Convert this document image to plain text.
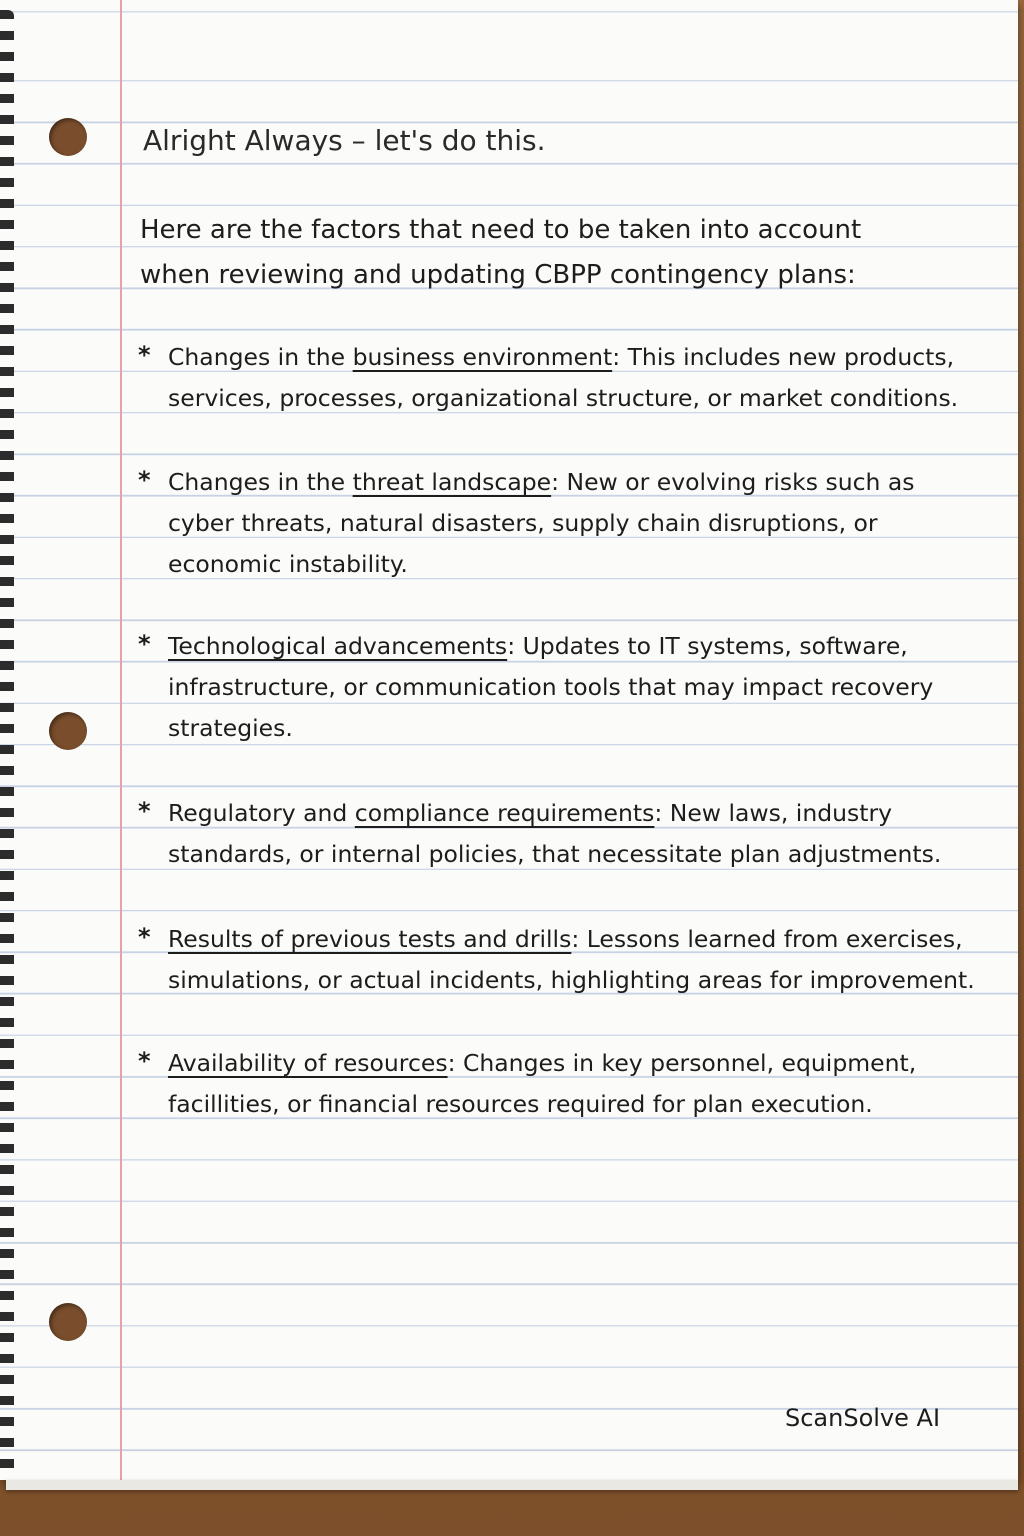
Alright Always – let's do this.
Here are the factors that need to be taken into account
when reviewing and updating CBPP contingency plans:
* Changes in the business environment: This includes new products,
services, processes, organizational structure, or market conditions.
* Changes in the threat landscape: New or evolving risks such as
cyber threats, natural disasters, supply chain disruptions, or
economic instability.
* Technological advancements: Updates to IT systems, software,
infrastructure, or communication tools that may impact recovery
strategies.
* Regulatory and compliance requirements: New laws, industry
standards, or internal policies, that necessitate plan adjustments.
* Results of previous tests and drills: Lessons learned from exercises,
simulations, or actual incidents, highlighting areas for improvement.
* Availability of resources: Changes in key personnel, equipment,
facillities, or financial resources required for plan execution.
ScanSolve AI
